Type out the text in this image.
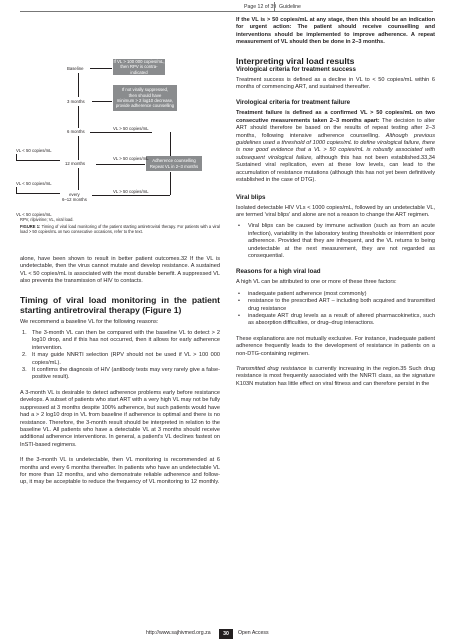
Page 12 of 39 Guideline
Baseline
3 months
6 months
12 months
every
6–12 months
If VL > 100 000 copies/mL,
then RPV is contra-indicated
If not virally suppressed,
then should have
minimum > 2 log10 decrease,
provide adherence counselling
Adherence counselling
Repeat VL in 2–3 months
VL > 50 copies/mL
VL > 50 copies/mL
VL > 50 copies/mL
VL < 50 copies/mL
VL < 50 copies/mL
VL < 50 copies/mL
RPV, rilpivirine; VL, viral load.
FIGURE 1: Timing of viral load monitoring of the patient starting antiretroviral therapy. For patients with a viral load > 50 copies/mL on two consecutive occasions, refer to the text.

alone, have been shown to result in better patient outcomes.32 If the VL is undetectable, then the virus cannot mutate and develop resistance. A sustained VL < 50 copies/mL is associated with the most durable benefit. A suppressed VL also prevents the transmission of HIV to contacts.

Timing of viral load monitoring in the patient starting antiretroviral therapy (Figure 1)

We recommend a baseline VL for the following reasons:

1. The 3-month VL can then be compared with the baseline VL to detect > 2 log10 drop, and if this has not occurred, then it allows for early adherence intervention.
2. It may guide NNRTI selection (RPV should not be used if VL > 100 000 copies/mL).
3. It confirms the diagnosis of HIV (antibody tests may very rarely give a false-positive result).

A 3-month VL is desirable to detect adherence problems early before resistance develops. A subset of patients who start ART with a very high VL may not be fully suppressed at 3 months despite 100% adherence, but such patients would have had a > 2 log10 drop in VL from baseline if adherence is optimal and there is no resistance. Therefore, the 3-month result should be interpreted in relation to the baseline VL. All patients who have a detectable VL at 3 months should receive additional adherence interventions. In general, a patient's VL declines fastest on InSTI-based regimens.

If the 3-month VL is undetectable, then VL monitoring is recommended at 6 months and every 6 months thereafter. In patients who have an undetectable VL for more than 12 months, and who demonstrate reliable adherence and follow-up, it may be acceptable to reduce the frequency of VL monitoring to 12 monthly.

If the VL is > 50 copies/mL at any stage, then this should be an indication for urgent action: The patient should receive counselling and interventions should be implemented to improve adherence. A repeat measurement of VL should then be done in 2–3 months.

Interpreting viral load results

Virological criteria for treatment success

Treatment success is defined as a decline in VL to < 50 copies/mL within 6 months of commencing ART, and sustained thereafter.

Virological criteria for treatment failure

Treatment failure is defined as a confirmed VL > 50 copies/mL on two consecutive measurements taken 2–3 months apart: The decision to alter ART should therefore be based on the results of repeat testing after 2–3 months, following intensive adherence counselling. Although previous guidelines used a threshold of 1000 copies/mL to define virological failure, there is now good evidence that a VL > 50 copies/mL is robustly associated with subsequent virological failure, although this has not been established.33,34 Sustained viral replication, even at these low levels, can lead to the accumulation of resistance mutations (although this has not yet been definitively established in the case of DTG).

Viral blips

Isolated detectable HIV VLs < 1000 copies/mL, followed by an undetectable VL, are termed 'viral blips' and alone are not a reason to change the ART regimen.

• Viral blips can be caused by immune activation (such as from an acute infection), variability in the laboratory testing thresholds or intermittent poor adherence. Provided that they are infrequent, and the VL returns to being undetectable at the next measurement, they are not regarded as consequential.

Reasons for a high viral load

A high VL can be attributed to one or more of these three factors:

• inadequate patient adherence (most commonly)
• resistance to the prescribed ART – including both acquired and transmitted drug resistance
• inadequate ART drug levels as a result of altered pharmacokinetics, such as absorption difficulties, or drug–drug interactions.

These explanations are not mutually exclusive. For instance, inadequate patient adherence frequently leads to the development of resistance in patients on a non-DTG-containing regimen.

Transmitted drug resistance is currently increasing in the region.35 Such drug resistance is most frequently associated with the NNRTI class, as the signature K103N mutation has little effect on viral fitness and can therefore persist in the

http://www.sajhivmed.org.za	30	Open Access
